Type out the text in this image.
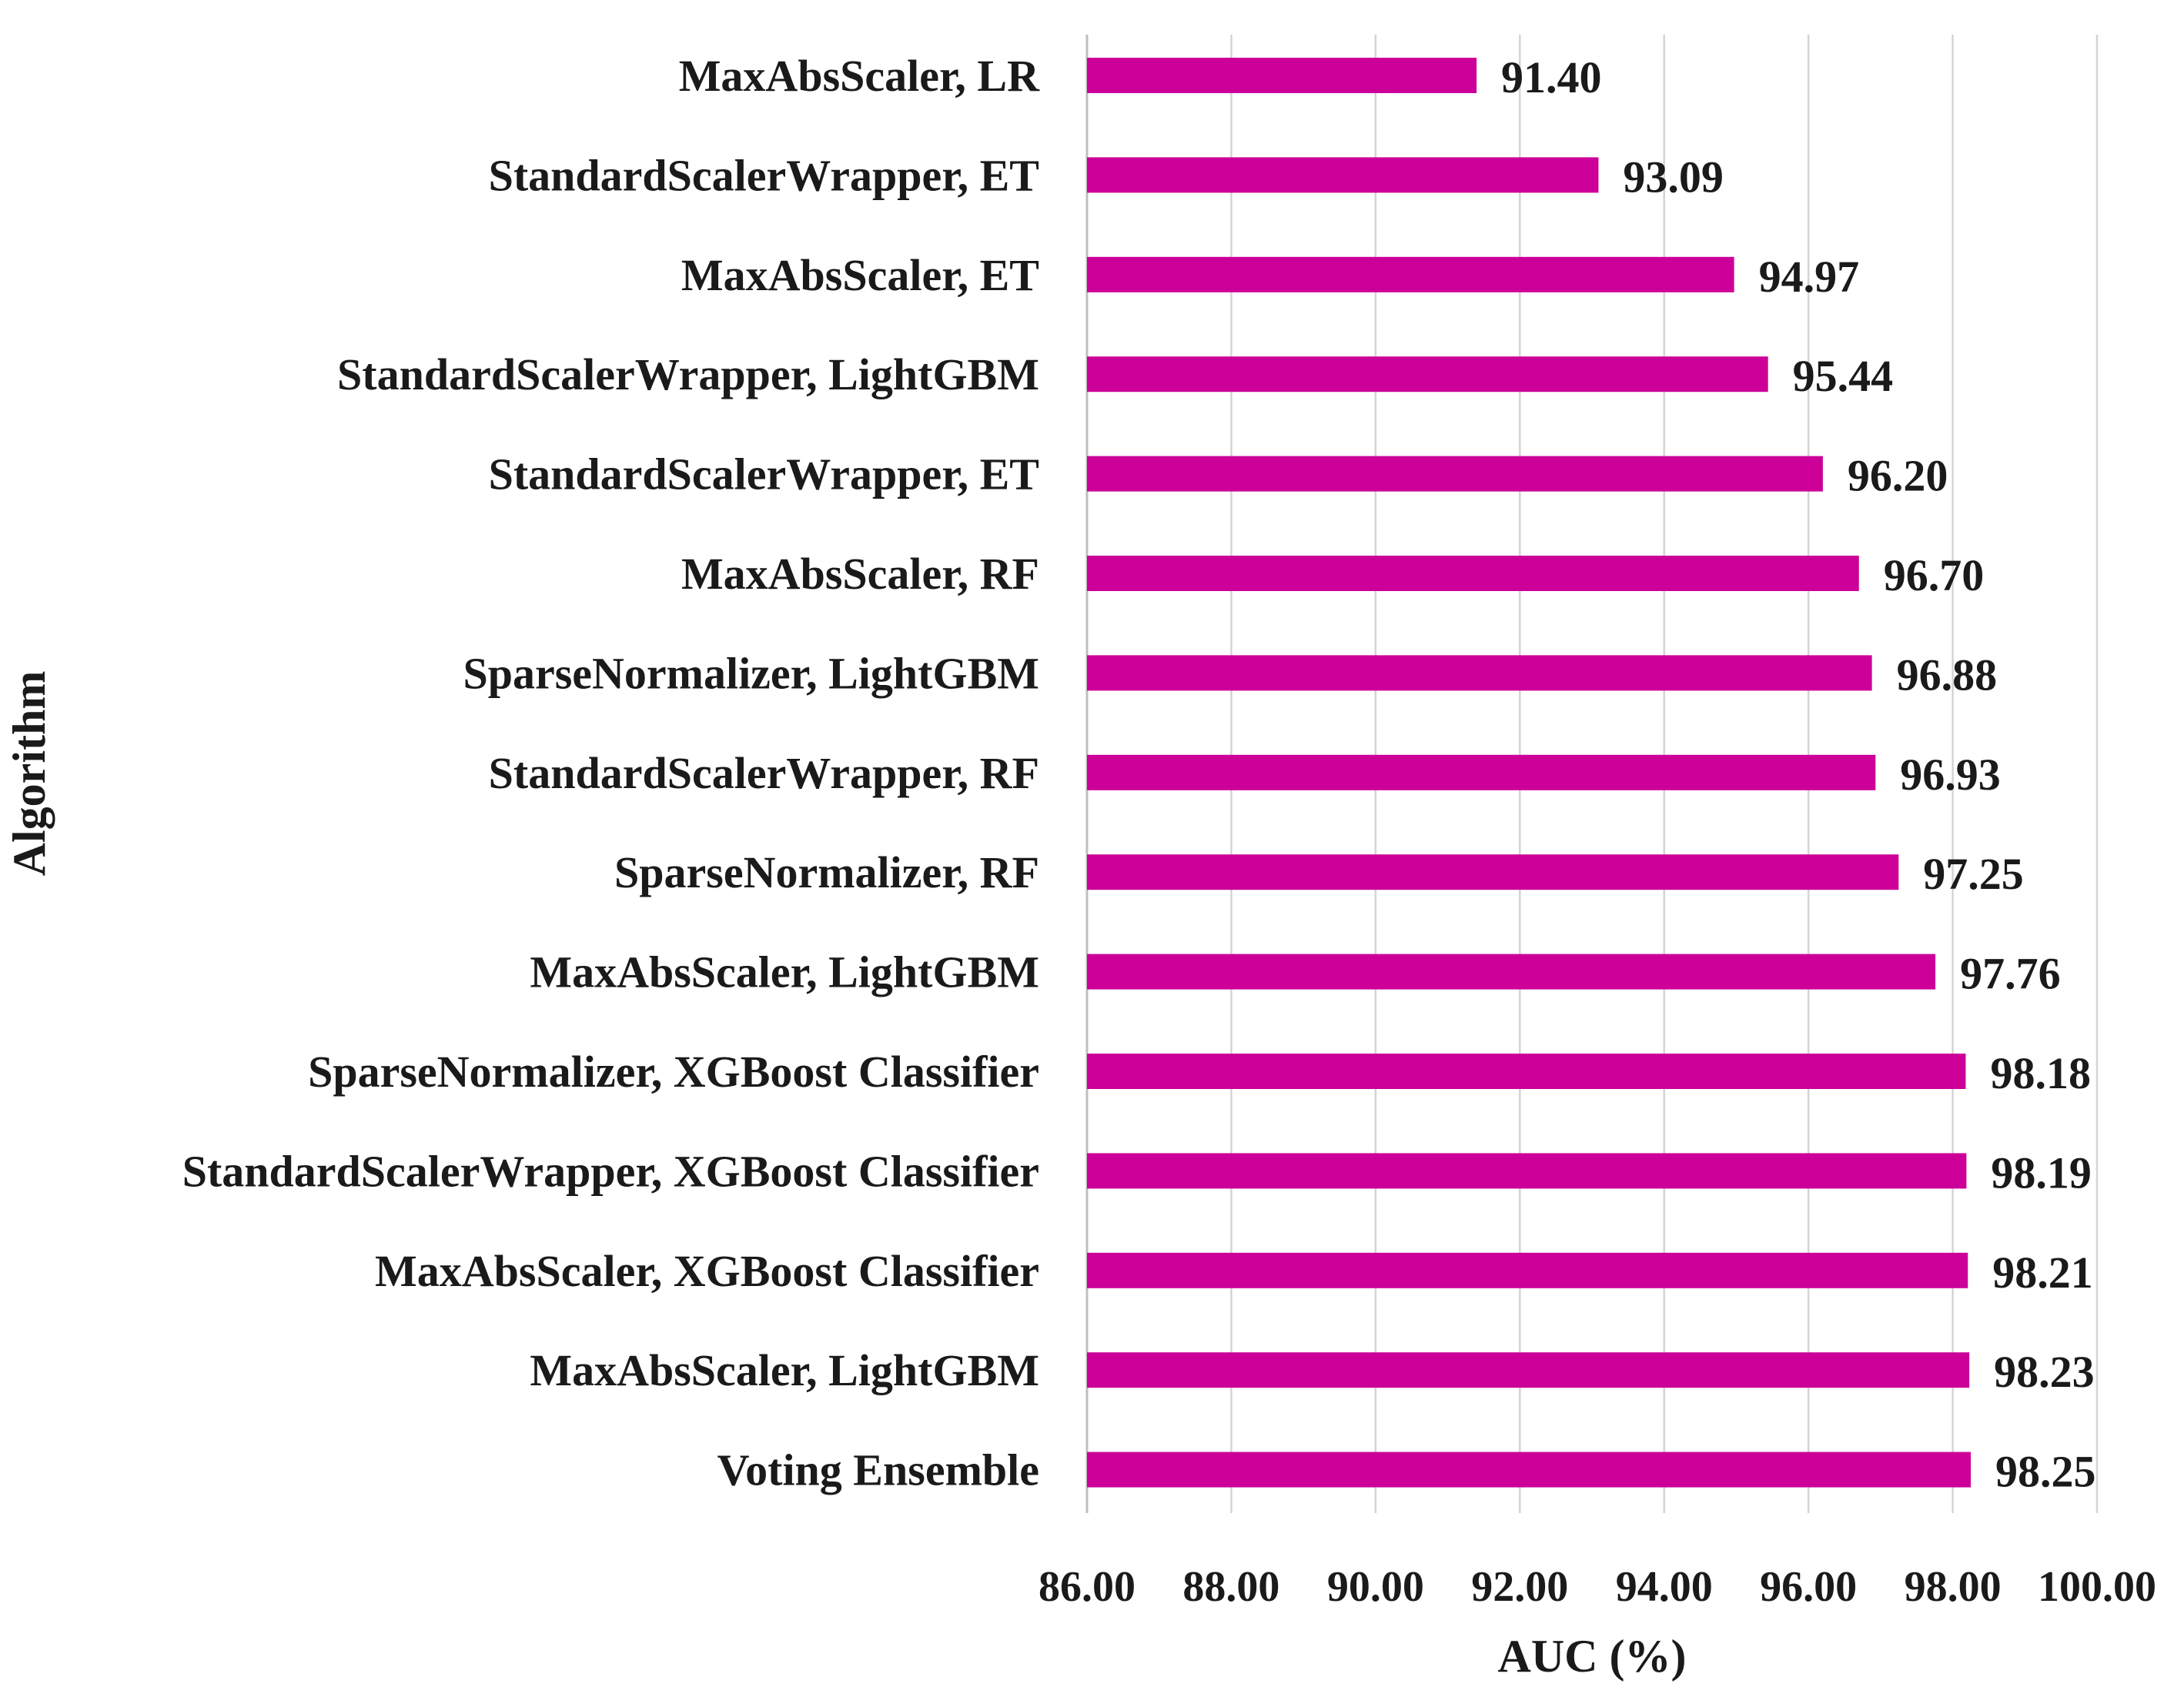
86.00 88.00 90.00 92.00 94.00 96.00 98.00 100.00
MaxAbsScaler, LR	91.40
StandardScalerWrapper, ET	93.09
MaxAbsScaler, ET	94.97
StandardScalerWrapper, LightGBM	95.44
StandardScalerWrapper, ET	96.20
MaxAbsScaler, RF	96.70
SparseNormalizer, LightGBM	96.88
StandardScalerWrapper, RF	96.93
SparseNormalizer, RF	97.25
MaxAbsScaler, LightGBM	97.76
SparseNormalizer, XGBoost Classifier	98.18
StandardScalerWrapper, XGBoost Classifier	98.19
MaxAbsScaler, XGBoost Classifier	98.21
MaxAbsScaler, LightGBM	98.23
Voting Ensemble	98.25
AUC (%)
Algorithm
